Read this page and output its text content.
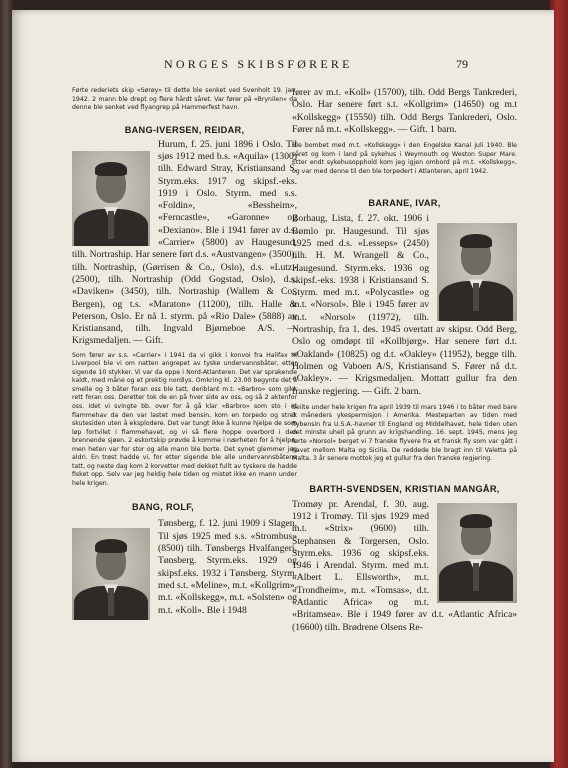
NORGES SKIBSFØRERE	79

Førte rederiets skip «Sørøy» til dette ble senket ved Svenholt 19. jan. 1942. 2 mann ble drept og flere hårdt såret. Var fører på «Brynilen» da denne ble senket ved flyangrep på Hammerfest havn.

BANG-IVERSEN, REIDAR,

Hurum, f. 25. juni 1896 i Oslo. Til sjøs 1912 med b.s. «Aquila» (1300) tilh. Edward Stray, Kristiansand S. Styrm.eks. 1917 og skipsf.-eks. 1919 i Oslo. Styrm. med s.s. «Foldin», «Bessheim», «Ferncastle», «Garonne» og «Dexiano». Ble i 1941 fører av d.s. «Carrier» (5800) av Haugesund, tilh. Nortraship. Har senere ført d.s. «Austvangen» (3500), tilh. Nortraship, (Gørrisen & Co., Oslo), d.s. «Lutz» (2500), tilh. Nortraship (Odd Gogstad, Oslo), d.s. «Daviken» (3450), tilh. Nortraship (Wallem & Co., Bergen), og t.s. «Maraton» (11200), tilh. Halle & Peterson, Oslo. Er nå 1. styrm. på «Rio Dale» (5888) av Kristiansand, tilh. Ingvald Bjørneboe A/S. — Krigsmedaljen. — Gift.

Som fører av s.s. «Carrier» i 1941 da vi gikk i konvoi fra Halifax til Liverpool ble vi om natten angrepet av tyske undervannsbåter, etter sigende 10 stykker. Vi var da oppe i Nord-Atlanteren. Det var sprakende kaldt, med måne og et prektig nordlys. Omkring kl. 23.00 begynte det å smelle og 3 båter foran oss ble tatt, deriblant m.t. «Barbro» som gikk rett foran oss. Deretter tok de en på hver side av oss, og så 2 aktenfor oss. Idet vi svingte bb. over for å gå klar «Barbro» som sto i et flammehav da den var lastet med bensin, kom en torpedo og strek skutesiden uten å eksplodere. Det var tungt ikke å kunne hjelpe de som løp fortvilet i flammehavet, og vi så flere hoppe overbord i den brennende sjøen. 2 eskortskip prøvde å komme i nærheten for å hjelpe, men heten var for stor og alle mann ble borte. Det synet glemmer jeg aldri. En trøst hadde vi, for etter sigende ble alle undervannsbåtene tatt, og neste dag kom 2 korvetter med dekket fullt av tyskere de hadde fisket opp. Selv var jeg heldig hele tiden og mistet ikke en mann under hele krigen.

BANG, ROLF,

Tønsberg, f. 12. juni 1909 i Slagen. Til sjøs 1925 med s.s. «Strombus» (8500) tilh. Tønsbergs Hvalfangeri, Tønsberg. Styrm.eks. 1929 og skipsf.eks. 1932 i Tønsberg. Styrm. med s.t. «Meline», m.t. «Kollgrim», m.t. «Kollskegg», m.t. «Solsten» og m.t. «Koll». Ble i 1948

fører av m.t. «Koll» (15700), tilh. Odd Bergs Tankrederi, Oslo. Har senere ført s.t. «Kollgrim» (14650) og m.t «Kollskegg» (15550) tilh. Odd Bergs Tankrederi, Oslo. Fører nå m.t. «Kollskegg». — Gift. 1 barn.

Ble bombet med m.t. «Kollskegg» i den Engelske Kanal juli 1940. Ble såret og kom i land på sykehus i Weymouth og Weston Super Mare. Etter endt sykehusopphold kom jeg igjen ombord på m.t. «Kollskegg», og var med denne til den ble torpedert i Atlanteren, april 1942.

BARANE, IVAR,

Borhaug, Lista, f. 27. okt. 1906 i Bømlo pr. Haugesund. Til sjøs 1925 med d.s. «Lesseps» (2450) tilh. H. M. Wrangell & Co., Haugesund. Styrm.eks. 1936 og skipsf.-eks. 1938 i Kristiansand S. Styrm. med m.t. «Polycastle» og m.t. «Norsol». Ble i 1945 fører av m.t. «Norsol» (11972), tilh. Nortraship, fra 1. des. 1945 overtatt av skipsr. Odd Berg, Oslo og omdøpt til «Kollbjørg». Har senere ført d.t. «Oakland» (10825) og d.t. «Oakley» (11952), begge tilh. Holmen og Vaboen A/S, Kristiansand S. Fører nå d.t. «Oakley». — Krigsmedaljen. Mottatt gullur fra den franske regjering. — Gift. 2 barn.

Seilte under hele krigen fra april 1939 til mars 1946 i to båter med bare 3 måneders ykespermisjon i Amerika. Mesteparten av tiden med flybensin fra U.S.A.-havner til England og Middelhavet, hele tiden uten det minste uhell på grunn av krigshandling. 16. sept. 1945, mens jeg førte «Norsol» berget vi 7 franske flyvere fra et fransk fly som var gått i havet mellom Malta og Sicilia. De reddede ble bragt inn til Valetta på Malta. 3 år senere mottok jeg et gullur fra den franske regjering.

BARTH-SVENDSEN, KRISTIAN MANGÅR,

Tromøy pr. Arendal, f. 30. aug. 1912 i Tromøy. Til sjøs 1929 med m.t. «Strix» (9600) tilh. Stephansen & Torgersen, Oslo. Styrm.eks. 1936 og skipsf.eks. 1946 i Arendal. Styrm. med m.t. «Albert L. Ellsworth», m.t. «Trondheim», m.t. «Tomsas», d.t. «Atlantic Africa» og m.t. «Britamsea». Ble i 1949 fører av d.t. «Atlantic Africa» (16600) tilh. Brødrene Olsens Re-
